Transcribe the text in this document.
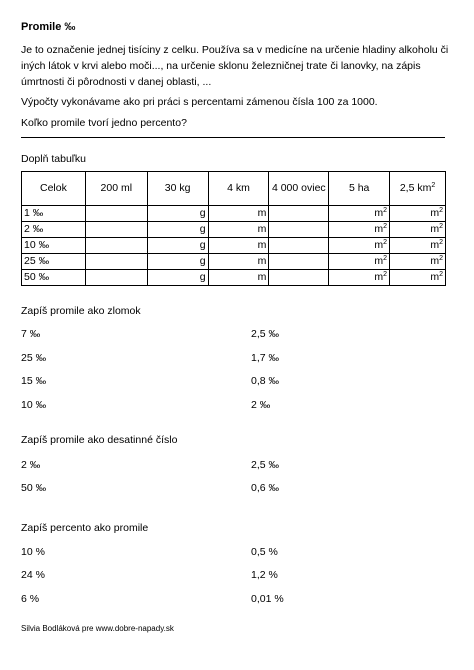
Promile ‰
Je to označenie jednej tisíciny z celku. Používa sa v medicíne na určenie hladiny alkoholu či iných látok v krvi alebo moči..., na určenie sklonu železničnej trate či lanovky, na zápis úmrtnosti či pôrodnosti v danej oblasti, ...
Výpočty vykonávame ako pri práci s percentami zámenou čísla 100 za 1000.
Koľko promile tvorí jedno percento?
Doplň tabuľku
Celok	200 ml	30 kg	4 km	4 000 oviec	5 ha	2,5 $km^2$
1 ‰		g	m		$m^2$	$m^2$
2 ‰		g	m		$m^2$	$m^2$
10 ‰		g	m		$m^2$	$m^2$
25 ‰		g	m		$m^2$	$m^2$
50 ‰		g	m		$m^2$	$m^2$
Zapíš promile ako zlomok
7 ‰	2,5 ‰
25 ‰	1,7 ‰
15 ‰	0,8 ‰
10 ‰	2 ‰
Zapíš promile ako desatinné číslo
2 ‰	2,5 ‰
50 ‰	0,6 ‰
Zapíš percento ako promile
10 %	0,5 %
24 %	1,2 %
6 %	0,01 %
Silvia Bodláková pre www.dobre-napady.sk
